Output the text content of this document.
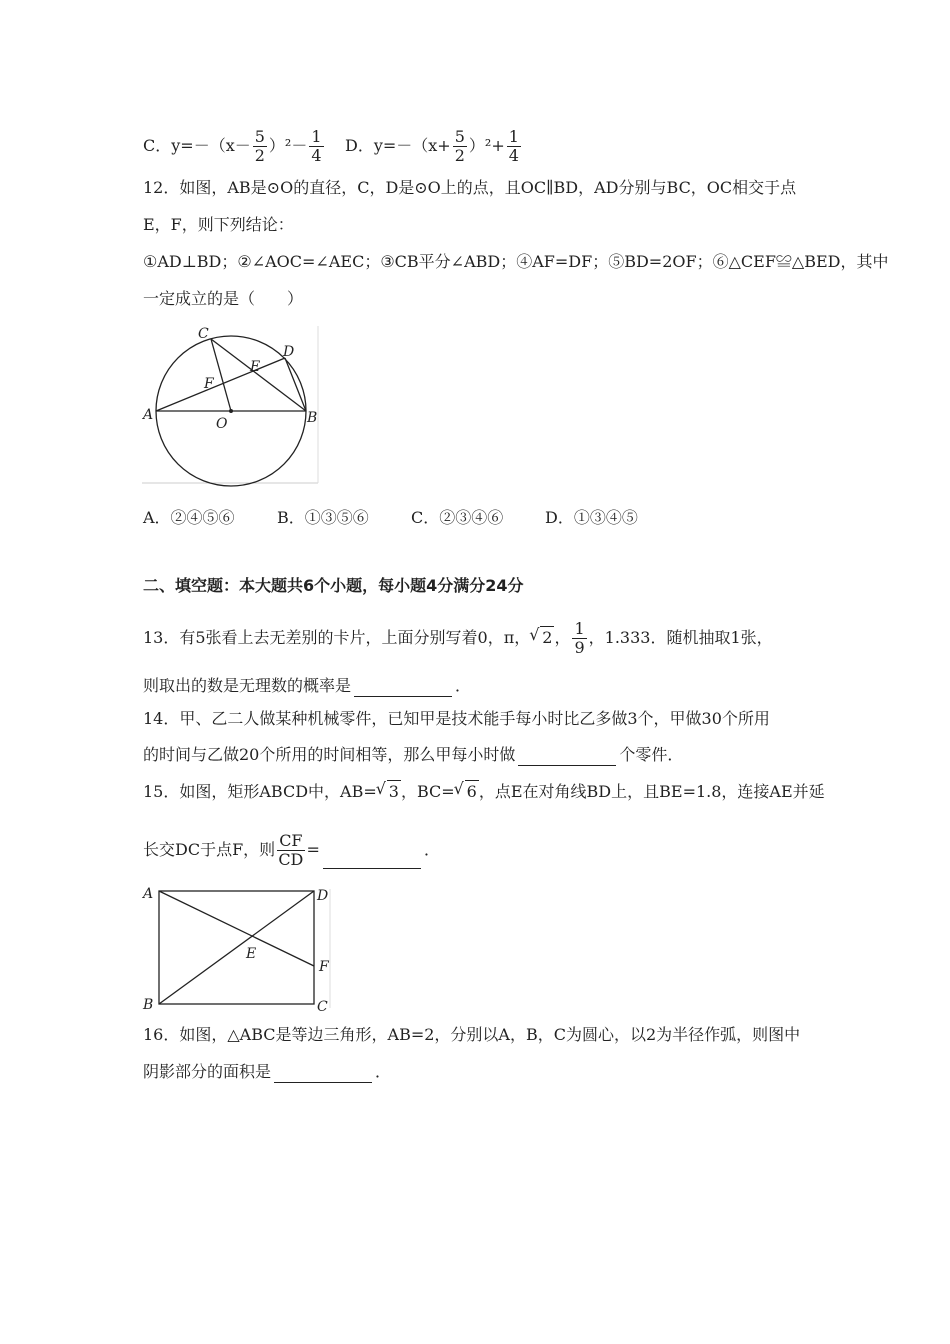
C．$y=-(x- \frac{5}{2} )^2- \frac{1}{4}$ D．$y=-(x+ \frac{5}{2} )^2+ \frac{1}{4}$
12．如图，AB是⊙O的直径，C，D是⊙O上的点，且OC∥BD，AD分别与BC，OC相交于点
E，F，则下列结论：
①AD⊥BD；②∠AOC=∠AEC；③CB平分∠ABD；④AF=DF；⑤BD=2OF；⑥△CEF≌△BED，其中
一定成立的是（　　）
A	B
C
D
E
F
O
A．②④⑤⑥	B．①③⑤⑥	C．②③④⑥	D．①③④⑤
二、填空题：本大题共6个小题，每小题4分满分24分
13．有5张看上去无差别的卡片，上面分别写着0，π， √ 2 ， $\frac{1}{9}$ ，1.333．随机抽取1张，
则取出的数是无理数的概率是	．
14．甲、乙二人做某种机械零件，已知甲是技术能手每小时比乙多做3个，甲做30个所用
的时间与乙做20个所用的时间相等，那么甲每小时做	个零件．
15．如图，矩形ABCD中，AB= √ 3 ，BC= √ 6 ，点E在对角线BD上，且BE=1.8，连接AE并延
长交DC于点F，则 $\frac{CF}{CD}$ =	．
A	D
B	C
E
F
16．如图，△ABC是等边三角形，AB=2，分别以A，B，C为圆心，以2为半径作弧，则图中
阴影部分的面积是	．
